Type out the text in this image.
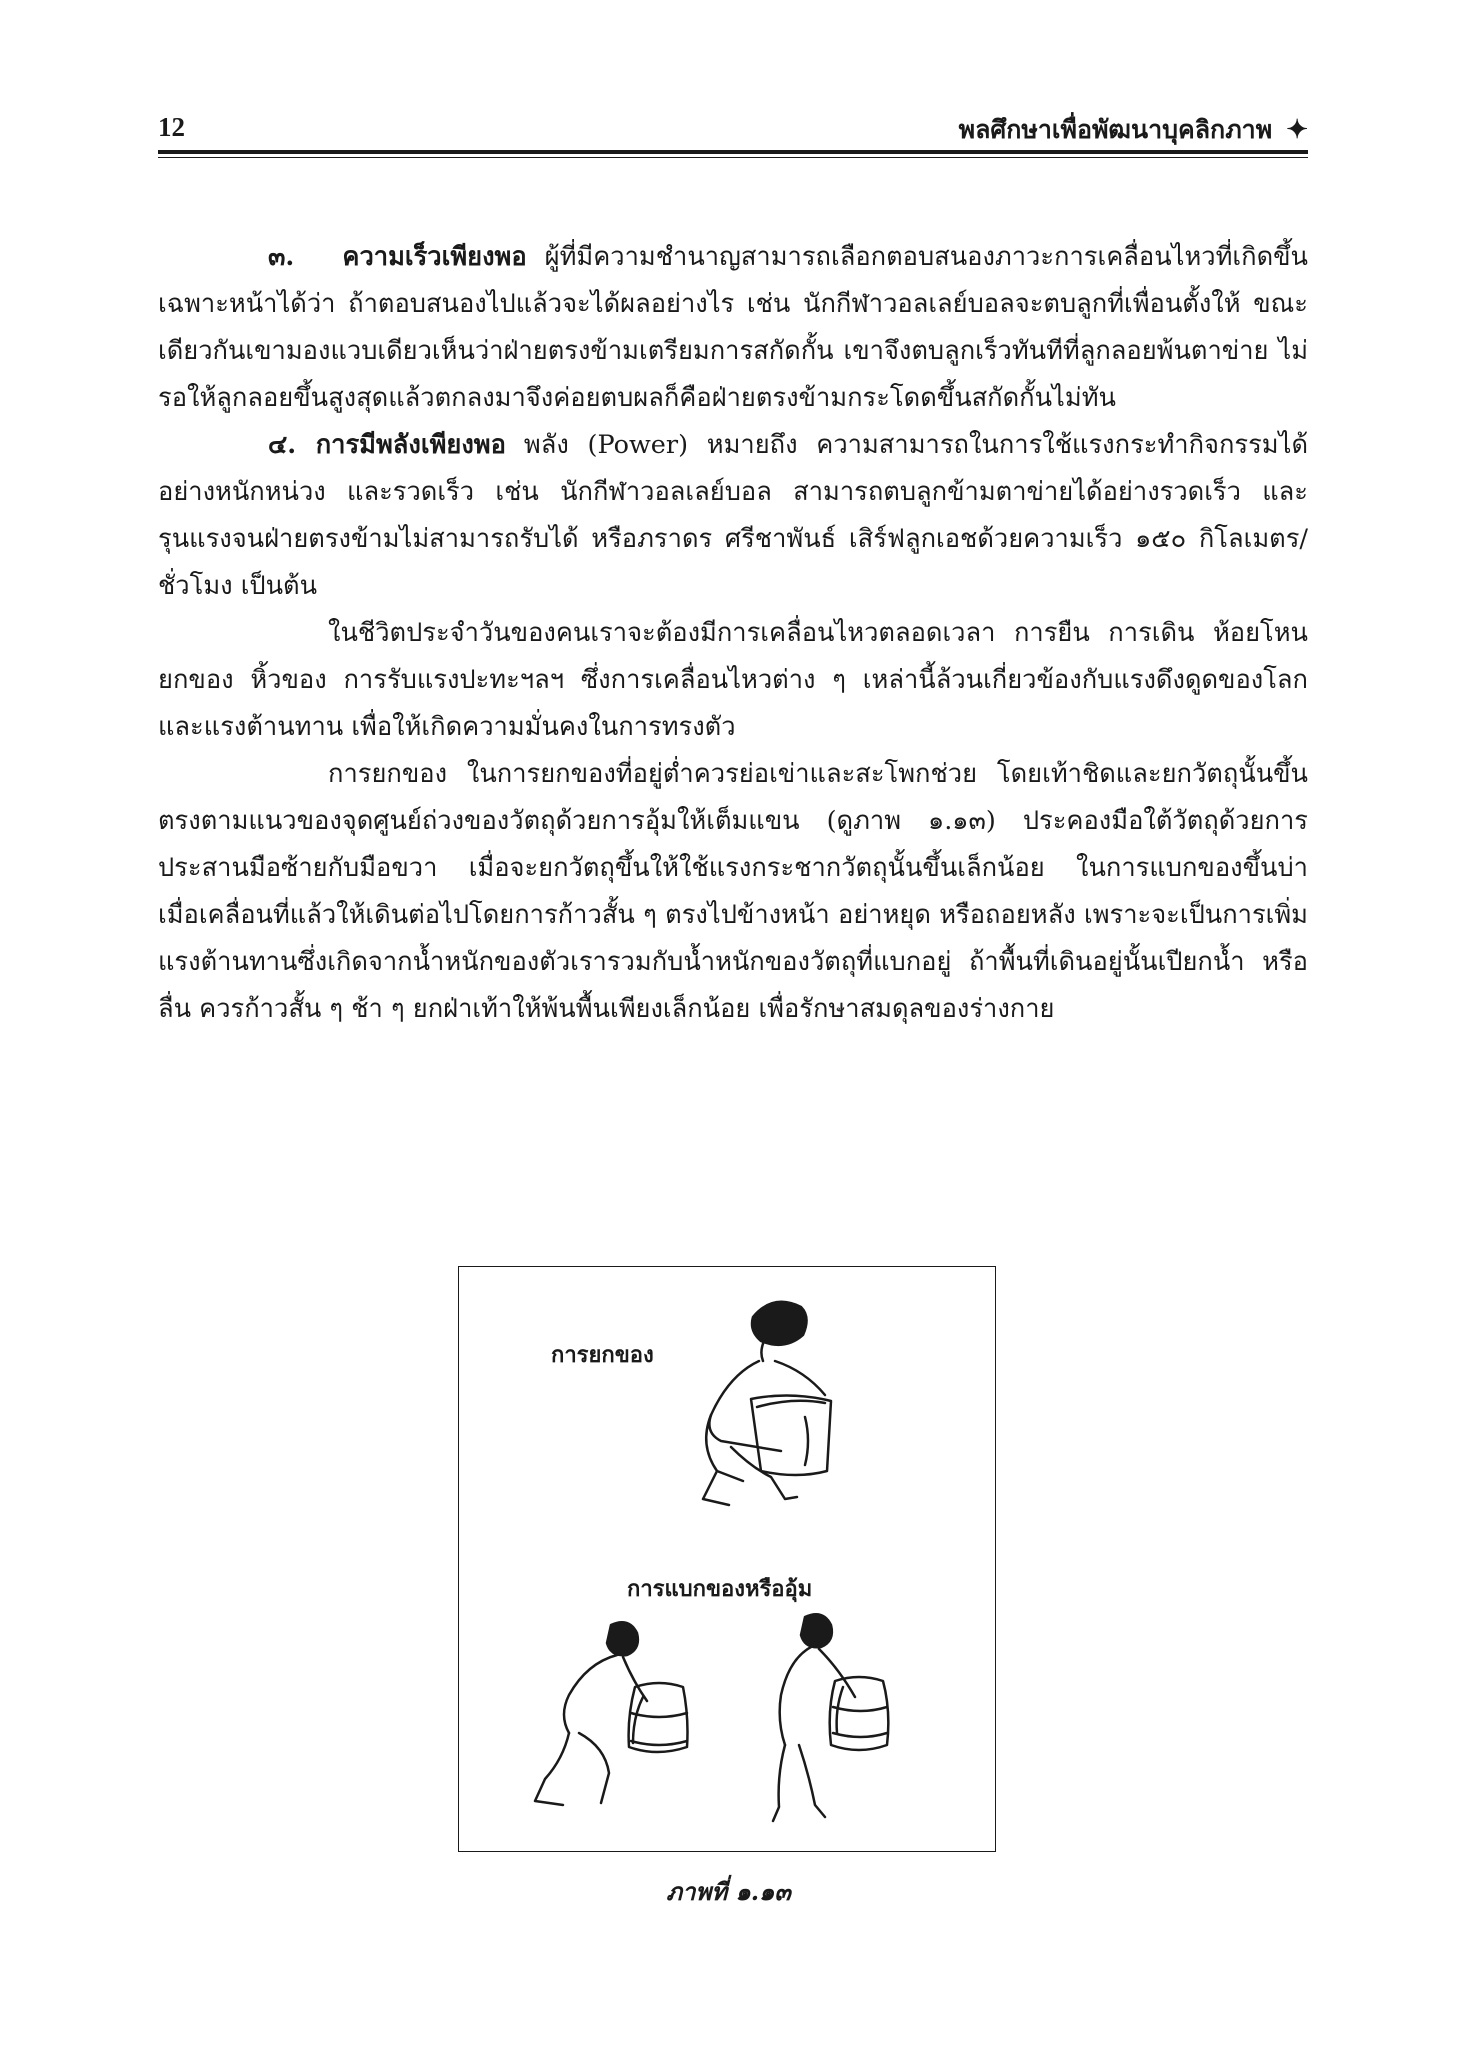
12	พลศึกษาเพื่อพัฒนาบุคลิกภาพ ✦

๓. ความเร็วเพียงพอ ผู้ที่มีความชำนาญสามารถเลือกตอบสนองภาวะการเคลื่อนไหวที่เกิดขึ้นเฉพาะหน้าได้ว่า ถ้าตอบสนองไปแล้วจะได้ผลอย่างไร เช่น นักกีฬาวอลเลย์บอลจะตบลูกที่เพื่อนตั้งให้ ขณะเดียวกันเขามองแวบเดียวเห็นว่าฝ่ายตรงข้ามเตรียมการสกัดกั้น เขาจึงตบลูกเร็วทันทีที่ลูกลอยพ้นตาข่าย ไม่รอให้ลูกลอยขึ้นสูงสุดแล้วตกลงมาจึงค่อยตบผลก็คือฝ่ายตรงข้ามกระโดดขึ้นสกัดกั้นไม่ทัน

๔. การมีพลังเพียงพอ พลัง (Power) หมายถึง ความสามารถในการใช้แรงกระทำกิจกรรมได้อย่างหนักหน่วง และรวดเร็ว เช่น นักกีฬาวอลเลย์บอล สามารถตบลูกข้ามตาข่ายได้อย่างรวดเร็ว และรุนแรงจนฝ่ายตรงข้ามไม่สามารถรับได้ หรือภราดร ศรีชาพันธ์ เสิร์ฟลูกเอชด้วยความเร็ว ๑๕๐ กิโลเมตร/ชั่วโมง เป็นต้น

ในชีวิตประจำวันของคนเราจะต้องมีการเคลื่อนไหวตลอดเวลา การยืน การเดิน ห้อยโหน ยกของ หิ้วของ การรับแรงปะทะฯลฯ ซึ่งการเคลื่อนไหวต่าง ๆ เหล่านี้ล้วนเกี่ยวข้องกับแรงดึงดูดของโลก และแรงต้านทาน เพื่อให้เกิดความมั่นคงในการทรงตัว

การยกของ ในการยกของที่อยู่ต่ำควรย่อเข่าและสะโพกช่วย โดยเท้าชิดและยกวัตถุนั้นขึ้นตรงตามแนวของจุดศูนย์ถ่วงของวัตถุด้วยการอุ้มให้เต็มแขน (ดูภาพ ๑.๑๓) ประคองมือใต้วัตถุด้วยการประสานมือซ้ายกับมือขวา เมื่อจะยกวัตถุขึ้นให้ใช้แรงกระชากวัตถุนั้นขึ้นเล็กน้อย ในการแบกของขึ้นบ่า เมื่อเคลื่อนที่แล้วให้เดินต่อไปโดยการก้าวสั้น ๆ ตรงไปข้างหน้า อย่าหยุด หรือถอยหลัง เพราะจะเป็นการเพิ่มแรงต้านทานซึ่งเกิดจากน้ำหนักของตัวเรารวมกับน้ำหนักของวัตถุที่แบกอยู่ ถ้าพื้นที่เดินอยู่นั้นเปียกน้ำ หรือลื่น ควรก้าวสั้น ๆ ช้า ๆ ยกฝ่าเท้าให้พ้นพื้นเพียงเล็กน้อย เพื่อรักษาสมดุลของร่างกาย

การยกของ
การแบกของหรืออุ้ม
ภาพที่ ๑.๑๓
